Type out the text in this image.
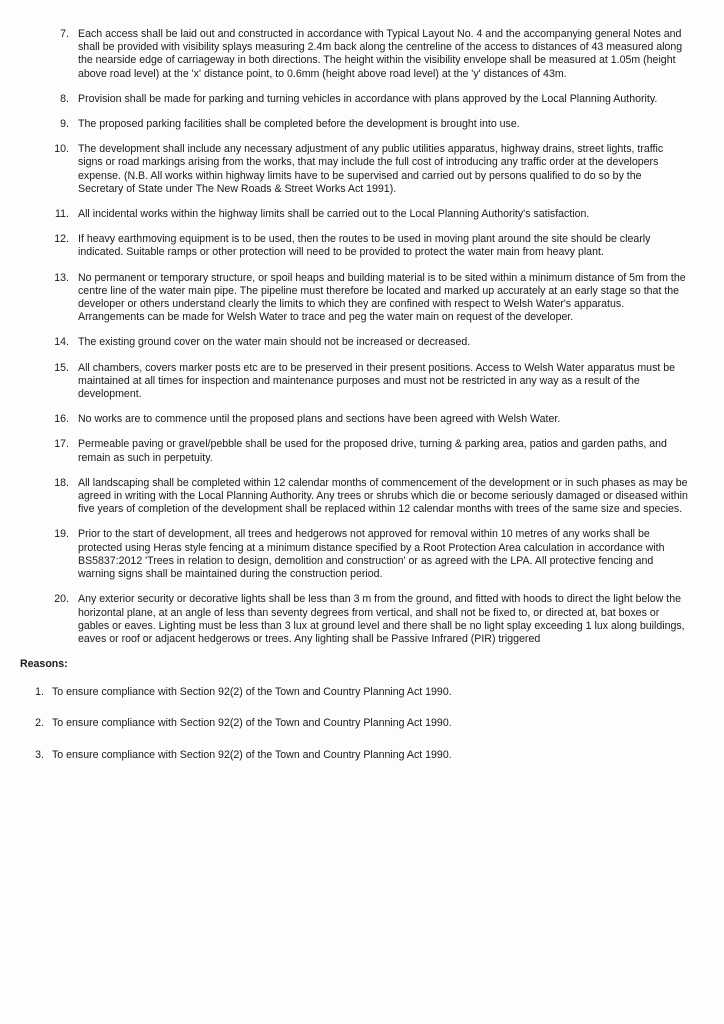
7. Each access shall be laid out and constructed in accordance with Typical Layout No. 4 and the accompanying general Notes and shall be provided with visibility splays measuring 2.4m back along the centreline of the access to distances of 43 measured along the nearside edge of carriageway in both directions. The height within the visibility envelope shall be measured at 1.05m (height above road level) at the 'x' distance point, to 0.6mm (height above road level) at the 'y' distances of 43m.
8. Provision shall be made for parking and turning vehicles in accordance with plans approved by the Local Planning Authority.
9. The proposed parking facilities shall be completed before the development is brought into use.
10. The development shall include any necessary adjustment of any public utilities apparatus, highway drains, street lights, traffic signs or road markings arising from the works, that may include the full cost of introducing any traffic order at the developers expense. (N.B. All works within highway limits have to be supervised and carried out by persons qualified to do so by the Secretary of State under The New Roads & Street Works Act 1991).
11. All incidental works within the highway limits shall be carried out to the Local Planning Authority's satisfaction.
12. If heavy earthmoving equipment is to be used, then the routes to be used in moving plant around the site should be clearly indicated. Suitable ramps or other protection will need to be provided to protect the water main from heavy plant.
13. No permanent or temporary structure, or spoil heaps and building material is to be sited within a minimum distance of 5m from the centre line of the water main pipe. The pipeline must therefore be located and marked up accurately at an early stage so that the developer or others understand clearly the limits to which they are confined with respect to Welsh Water's apparatus. Arrangements can be made for Welsh Water to trace and peg the water main on request of the developer.
14. The existing ground cover on the water main should not be increased or decreased.
15. All chambers, covers marker posts etc are to be preserved in their present positions. Access to Welsh Water apparatus must be maintained at all times for inspection and maintenance purposes and must not be restricted in any way as a result of the development.
16. No works are to commence until the proposed plans and sections have been agreed with Welsh Water.
17. Permeable paving or gravel/pebble shall be used for the proposed drive, turning & parking area, patios and garden paths, and remain as such in perpetuity.
18. All landscaping shall be completed within 12 calendar months of commencement of the development or in such phases as may be agreed in writing with the Local Planning Authority. Any trees or shrubs which die or become seriously damaged or diseased within five years of completion of the development shall be replaced within 12 calendar months with trees of the same size and species.
19. Prior to the start of development, all trees and hedgerows not approved for removal within 10 metres of any works shall be protected using Heras style fencing at a minimum distance specified by a Root Protection Area calculation in accordance with BS5837:2012 'Trees in relation to design, demolition and construction' or as agreed with the LPA. All protective fencing and warning signs shall be maintained during the construction period.
20. Any exterior security or decorative lights shall be less than 3 m from the ground, and fitted with hoods to direct the light below the horizontal plane, at an angle of less than seventy degrees from vertical, and shall not be fixed to, or directed at, bat boxes or gables or eaves. Lighting must be less than 3 lux at ground level and there shall be no light splay exceeding 1 lux along buildings, eaves or roof or adjacent hedgerows or trees. Any lighting shall be Passive Infrared (PIR) triggered
Reasons:
1. To ensure compliance with Section 92(2) of the Town and Country Planning Act 1990.
2. To ensure compliance with Section 92(2) of the Town and Country Planning Act 1990.
3. To ensure compliance with Section 92(2) of the Town and Country Planning Act 1990.
